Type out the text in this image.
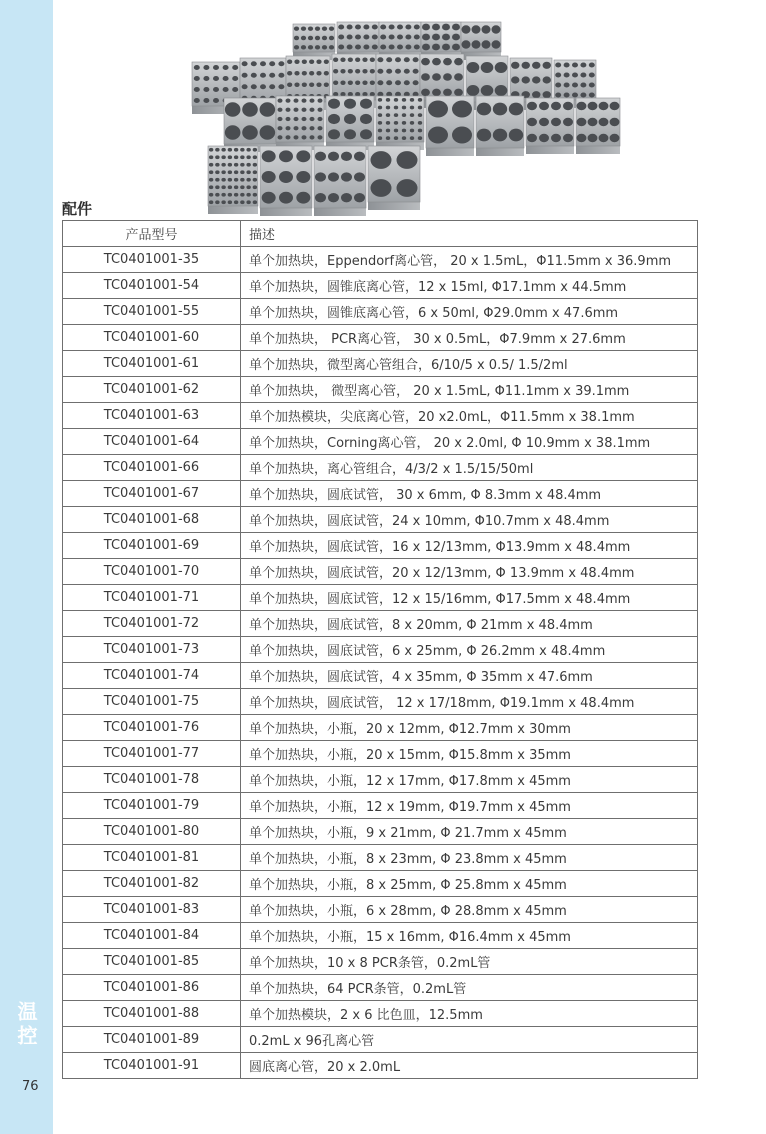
温控
76
配件
产品型号	描述
TC0401001-35	单个加热块，Eppendorf离心管， 20 x 1.5mL，Φ11.5mm x 36.9mm
TC0401001-54	单个加热块，圆锥底离心管，12 x 15ml, Φ17.1mm x 44.5mm
TC0401001-55	单个加热块，圆锥底离心管，6 x 50ml, Φ29.0mm x 47.6mm
TC0401001-60	单个加热块， PCR离心管， 30 x 0.5mL，Φ7.9mm x 27.6mm
TC0401001-61	单个加热块，微型离心管组合，6/10/5 x 0.5/ 1.5/2ml
TC0401001-62	单个加热块， 微型离心管， 20 x 1.5mL, Φ11.1mm x 39.1mm
TC0401001-63	单个加热模块，尖底离心管，20 x2.0mL，Φ11.5mm x 38.1mm
TC0401001-64	单个加热块，Corning离心管， 20 x 2.0ml, Φ 10.9mm x 38.1mm
TC0401001-66	单个加热块，离心管组合，4/3/2 x 1.5/15/50ml
TC0401001-67	单个加热块，圆底试管， 30 x 6mm, Φ 8.3mm x 48.4mm
TC0401001-68	单个加热块，圆底试管，24 x 10mm, Φ10.7mm x 48.4mm
TC0401001-69	单个加热块，圆底试管，16 x 12/13mm, Φ13.9mm x 48.4mm
TC0401001-70	单个加热块，圆底试管，20 x 12/13mm, Φ 13.9mm x 48.4mm
TC0401001-71	单个加热块，圆底试管，12 x 15/16mm, Φ17.5mm x 48.4mm
TC0401001-72	单个加热块，圆底试管，8 x 20mm, Φ 21mm x 48.4mm
TC0401001-73	单个加热块，圆底试管，6 x 25mm, Φ 26.2mm x 48.4mm
TC0401001-74	单个加热块，圆底试管，4 x 35mm, Φ 35mm x 47.6mm
TC0401001-75	单个加热块，圆底试管， 12 x 17/18mm, Φ19.1mm x 48.4mm
TC0401001-76	单个加热块，小瓶，20 x 12mm, Φ12.7mm x 30mm
TC0401001-77	单个加热块，小瓶，20 x 15mm, Φ15.8mm x 35mm
TC0401001-78	单个加热块，小瓶，12 x 17mm, Φ17.8mm x 45mm
TC0401001-79	单个加热块，小瓶，12 x 19mm, Φ19.7mm x 45mm
TC0401001-80	单个加热块，小瓶，9 x 21mm, Φ 21.7mm x 45mm
TC0401001-81	单个加热块，小瓶，8 x 23mm, Φ 23.8mm x 45mm
TC0401001-82	单个加热块，小瓶，8 x 25mm, Φ 25.8mm x 45mm
TC0401001-83	单个加热块，小瓶，6 x 28mm, Φ 28.8mm x 45mm
TC0401001-84	单个加热块，小瓶，15 x 16mm, Φ16.4mm x 45mm
TC0401001-85	单个加热块，10 x 8 PCR条管，0.2mL管
TC0401001-86	单个加热块，64 PCR条管，0.2mL管
TC0401001-88	单个加热模块，2 x 6 比色皿，12.5mm
TC0401001-89	0.2mL x 96孔离心管
TC0401001-91	圆底离心管，20 x 2.0mL
